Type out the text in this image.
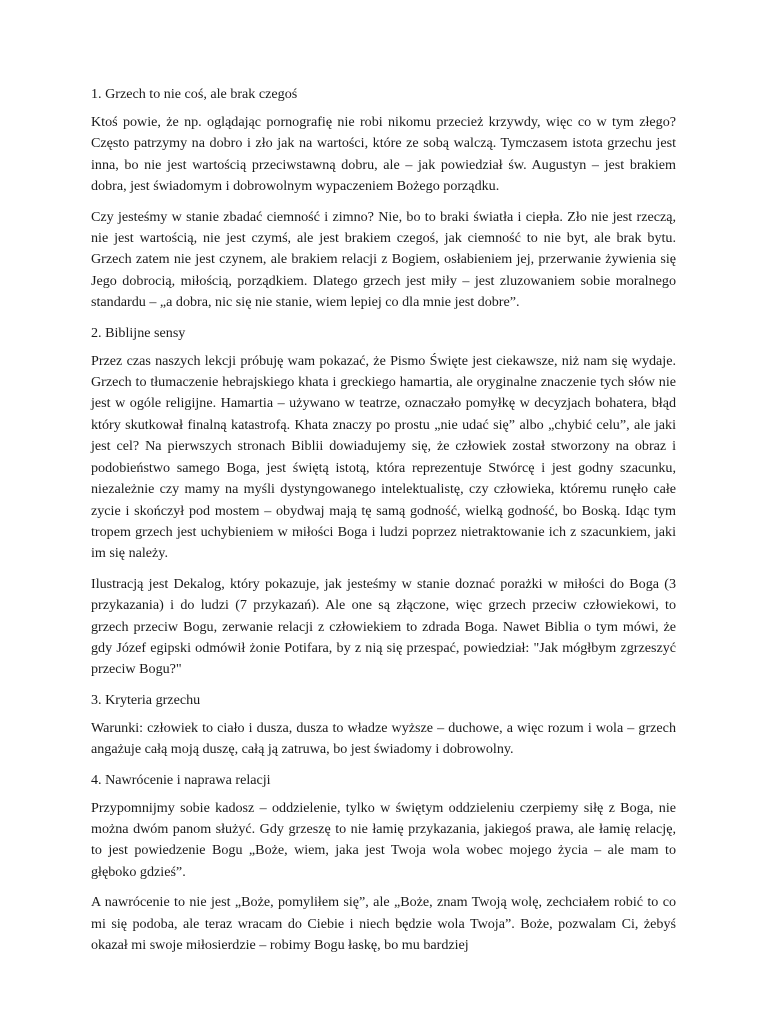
1. Grzech to nie coś, ale brak czegoś

Ktoś powie, że np. oglądając pornografię nie robi nikomu przecież krzywdy, więc co w tym złego? Często patrzymy na dobro i zło jak na wartości, które ze sobą walczą. Tymczasem istota grzechu jest inna, bo nie jest wartością przeciwstawną dobru, ale – jak powiedział św. Augustyn – jest brakiem dobra, jest świadomym i dobrowolnym wypaczeniem Bożego porządku.

Czy jesteśmy w stanie zbadać ciemność i zimno? Nie, bo to braki światła i ciepła. Zło nie jest rzeczą, nie jest wartością, nie jest czymś, ale jest brakiem czegoś, jak ciemność to nie byt, ale brak bytu. Grzech zatem nie jest czynem, ale brakiem relacji z Bogiem, osłabieniem jej, przerwanie żywienia się Jego dobrocią, miłością, porządkiem. Dlatego grzech jest miły – jest zluzowaniem sobie moralnego standardu – „a dobra, nic się nie stanie, wiem lepiej co dla mnie jest dobre”.

2. Biblijne sensy

Przez czas naszych lekcji próbuję wam pokazać, że Pismo Święte jest ciekawsze, niż nam się wydaje. Grzech to tłumaczenie hebrajskiego khata i greckiego hamartia, ale oryginalne znaczenie tych słów nie jest w ogóle religijne. Hamartia – używano w teatrze, oznaczało pomyłkę w decyzjach bohatera, błąd który skutkował finalną katastrofą. Khata znaczy po prostu „nie udać się” albo „chybić celu”, ale jaki jest cel? Na pierwszych stronach Biblii dowiadujemy się, że człowiek został stworzony na obraz i podobieństwo samego Boga, jest świętą istotą, która reprezentuje Stwórcę i jest godny szacunku, niezależnie czy mamy na myśli dystyngowanego intelektualistę, czy człowieka, któremu runęło całe zycie i skończył pod mostem – obydwaj mają tę samą godność, wielką godność, bo Boską. Idąc tym tropem grzech jest uchybieniem w miłości Boga i ludzi poprzez nietraktowanie ich z szacunkiem, jaki im się należy.

Ilustracją jest Dekalog, który pokazuje, jak jesteśmy w stanie doznać porażki w miłości do Boga (3 przykazania) i do ludzi (7 przykazań). Ale one są złączone, więc grzech przeciw człowiekowi, to grzech przeciw Bogu, zerwanie relacji z człowiekiem to zdrada Boga. Nawet Biblia o tym mówi, że gdy Józef egipski odmówił żonie Potifara, by z nią się przespać, powiedział: "Jak mógłbym zgrzeszyć przeciw Bogu?"

3. Kryteria grzechu

Warunki: człowiek to ciało i dusza, dusza to władze wyższe – duchowe, a więc rozum i wola – grzech angażuje całą moją duszę, całą ją zatruwa, bo jest świadomy i dobrowolny.

4. Nawrócenie i naprawa relacji

Przypomnijmy sobie kadosz – oddzielenie, tylko w świętym oddzieleniu czerpiemy siłę z Boga, nie można dwóm panom służyć. Gdy grzeszę to nie łamię przykazania, jakiegoś prawa, ale łamię relację, to jest powiedzenie Bogu „Boże, wiem, jaka jest Twoja wola wobec mojego życia – ale mam to głęboko gdzieś”.

A nawrócenie to nie jest „Boże, pomyliłem się”, ale „Boże, znam Twoją wolę, zechciałem robić to co mi się podoba, ale teraz wracam do Ciebie i niech będzie wola Twoja”. Boże, pozwalam Ci, żebyś okazał mi swoje miłosierdzie – robimy Bogu łaskę, bo mu bardziej
